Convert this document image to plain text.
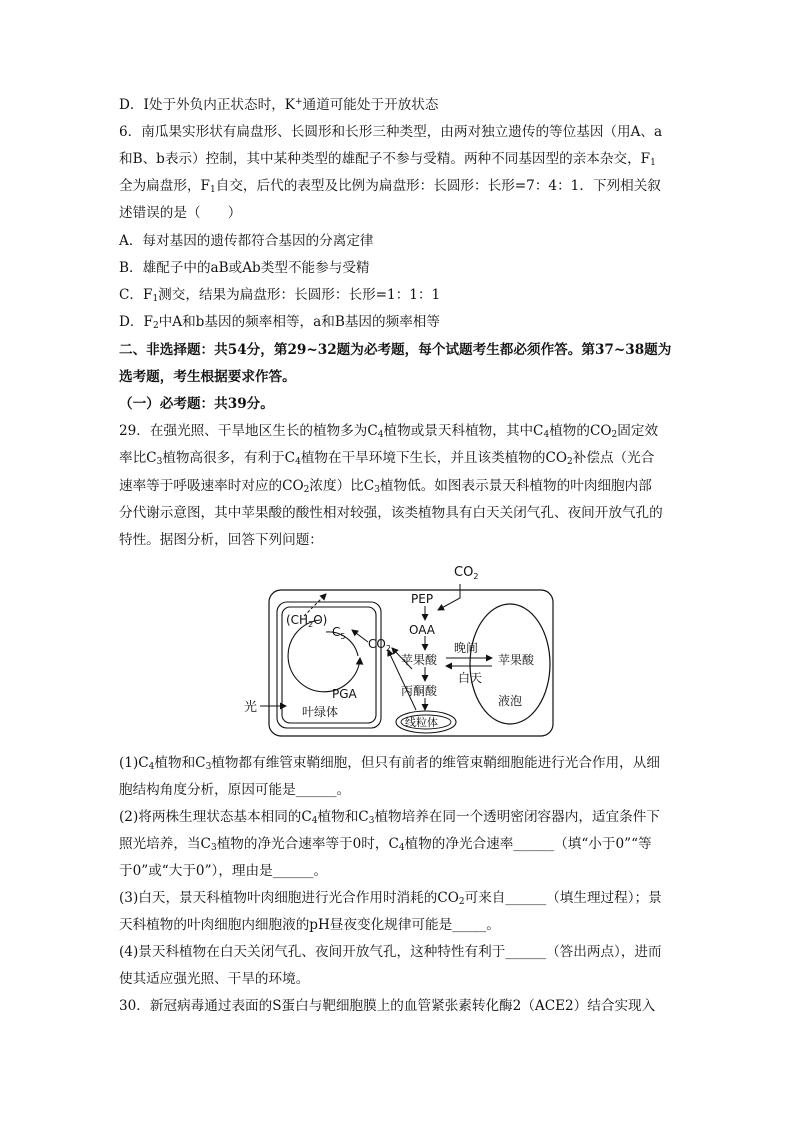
D．I处于外负内正状态时，K+通道可能处于开放状态
6．南瓜果实形状有扁盘形、长圆形和长形三种类型，由两对独立遗传的等位基因（用A、a
和B、b表示）控制，其中某种类型的雄配子不参与受精。两种不同基因型的亲本杂交，$F_1$
全为扁盘形，$F_1$自交，后代的表型及比例为扁盘形：长圆形：长形=7：4：1．下列相关叙
述错误的是（　　）
A．每对基因的遗传都符合基因的分离定律
B．雄配子中的aB或Ab类型不能参与受精
C．$F_1$测交，结果为扁盘形：长圆形：长形=1：1：1
D．$F_2$中A和b基因的频率相等，a和B基因的频率相等
二、非选择题：共54分，第29~32题为必考题，每个试题考生都必须作答。第37~38题为
选考题，考生根据要求作答。
（一）必考题：共39分。
29．在强光照、干旱地区生长的植物多为$C_4$植物或景天科植物，其中$C_4$植物的$CO_2$固定效
率比$C_3$植物高很多，有利于$C_4$植物在干旱环境下生长，并且该类植物的$CO_2$补偿点（光合
速率等于呼吸速率时对应的$CO_2$浓度）比$C_3$植物低。如图表示景天科植物的叶肉细胞内部
分代谢示意图，其中苹果酸的酸性相对较强，该类植物具有白天关闭气孔、夜间开放气孔的
特性。据图分析，回答下列问题：
$CO_2$
PEP
OAA
苹果酸
丙酮酸
线粒体
晚间
白天
苹果酸
液泡
$(CH_2O)$
$C_5$
$CO_2$
PGA
叶绿体
光
$(1)C_4$植物和$C_3$植物都有维管束鞘细胞，但只有前者的维管束鞘细胞能进行光合作用，从细
胞结构角度分析，原因可能是______。
(2)将两株生理状态基本相同的$C_4$植物和$C_3$植物培养在同一个透明密闭容器内，适宜条件下
照光培养，当$C_3$植物的净光合速率等于0时，$C_4$植物的净光合速率______（填“小于0”“等
于0”或“大于0”），理由是______。
(3)白天，景天科植物叶肉细胞进行光合作用时消耗的$CO_2$可来自______（填生理过程）；景
天科植物的叶肉细胞内细胞液的pH昼夜变化规律可能是_____。
(4)景天科植物在白天关闭气孔、夜间开放气孔，这种特性有利于______（答出两点），进而
使其适应强光照、干旱的环境。
30．新冠病毒通过表面的S蛋白与靶细胞膜上的血管紧张素转化酶2（ACE2）结合实现入
